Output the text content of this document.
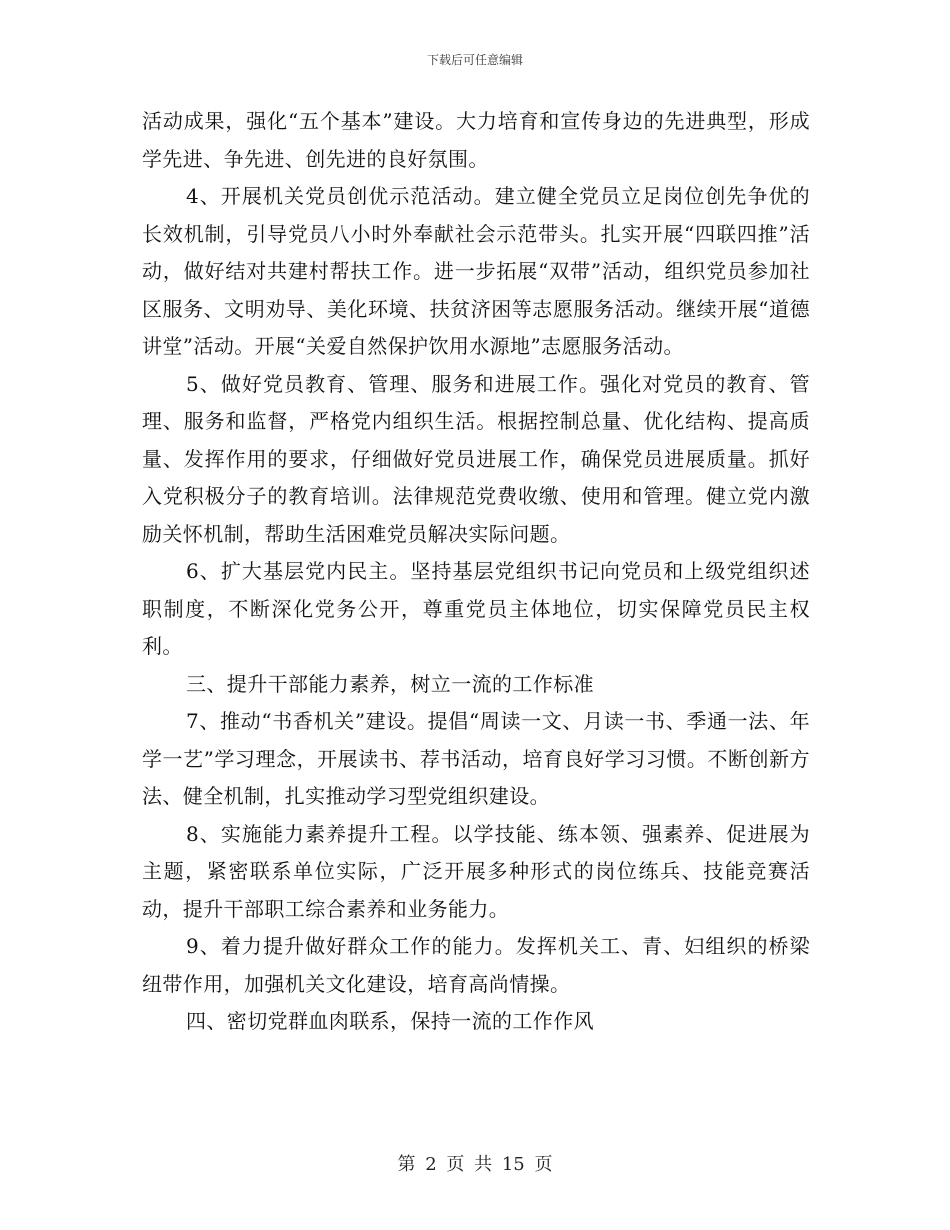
下载后可任意编辑

活动成果，强化“五个基本”建设。大力培育和宣传身边的先进典型，形成学先进、争先进、创先进的良好氛围。

4、开展机关党员创优示范活动。建立健全党员立足岗位创先争优的长效机制，引导党员八小时外奉献社会示范带头。扎实开展“四联四推”活动，做好结对共建村帮扶工作。进一步拓展“双带”活动，组织党员参加社区服务、文明劝导、美化环境、扶贫济困等志愿服务活动。继续开展“道德讲堂”活动。开展“关爱自然保护饮用水源地”志愿服务活动。

5、做好党员教育、管理、服务和进展工作。强化对党员的教育、管理、服务和监督，严格党内组织生活。根据控制总量、优化结构、提高质量、发挥作用的要求，仔细做好党员进展工作，确保党员进展质量。抓好入党积极分子的教育培训。法律规范党费收缴、使用和管理。健立党内激励关怀机制，帮助生活困难党员解决实际问题。

6、扩大基层党内民主。坚持基层党组织书记向党员和上级党组织述职制度，不断深化党务公开，尊重党员主体地位，切实保障党员民主权利。

三、提升干部能力素养，树立一流的工作标准

7、推动“书香机关”建设。提倡“周读一文、月读一书、季通一法、年学一艺”学习理念，开展读书、荐书活动，培育良好学习习惯。不断创新方法、健全机制，扎实推动学习型党组织建设。

8、实施能力素养提升工程。以学技能、练本领、强素养、促进展为主题，紧密联系单位实际，广泛开展多种形式的岗位练兵、技能竞赛活动，提升干部职工综合素养和业务能力。

9、着力提升做好群众工作的能力。发挥机关工、青、妇组织的桥梁纽带作用，加强机关文化建设，培育高尚情操。

四、密切党群血肉联系，保持一流的工作作风

第 2 页 共 15 页
